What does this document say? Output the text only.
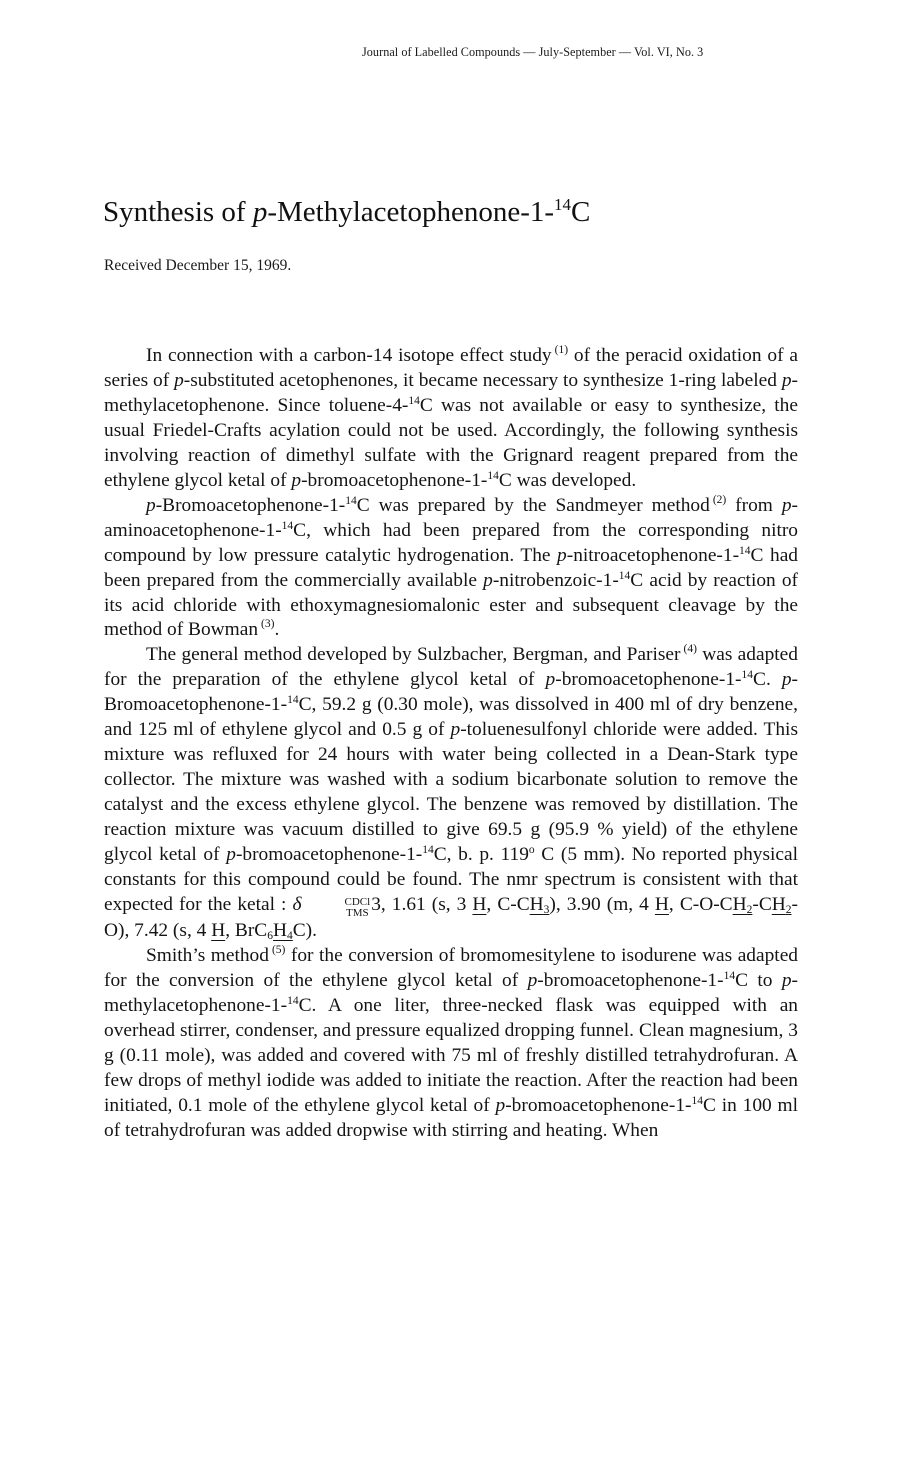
Journal of Labelled Compounds — July-September — Vol. VI, No. 3
Synthesis of p-Methylacetophenone-1-$^{14}$C
Received December 15, 1969.

In connection with a carbon-14 isotope effect study $^{(1)}$ of the peracid oxidation of a series of p-substituted acetophenones, it became necessary to synthesize 1-ring labeled p-methylacetophenone. Since toluene-4-$^{14}$C was not available or easy to synthesize, the usual Friedel-Crafts acylation could not be used. Accordingly, the following synthesis involving reaction of dimethyl sulfate with the Grignard reagent prepared from the ethylene glycol ketal of p-bromoacetophenone-1-$^{14}$C was developed.

p-Bromoacetophenone-1-$^{14}$C was prepared by the Sandmeyer method $^{(2)}$ from p-aminoacetophenone-1-$^{14}$C, which had been prepared from the corresponding nitro compound by low pressure catalytic hydrogenation. The p-nitroacetophenone-1-$^{14}$C had been prepared from the commercially available p-nitrobenzoic-1-$^{14}$C acid by reaction of its acid chloride with ethoxymagnesiomalonic ester and subsequent cleavage by the method of Bowman $^{(3)}$.

The general method developed by Sulzbacher, Bergman, and Pariser $^{(4)}$ was adapted for the preparation of the ethylene glycol ketal of p-bromoacetophenone-1-$^{14}$C. p-Bromoacetophenone-1-$^{14}$C, 59.2 g (0.30 mole), was dissolved in 400 ml of dry benzene, and 125 ml of ethylene glycol and 0.5 g of p-toluenesulfonyl chloride were added. This mixture was refluxed for 24 hours with water being collected in a Dean-Stark type collector. The mixture was washed with a sodium bicarbonate solution to remove the catalyst and the excess ethylene glycol. The benzene was removed by distillation. The reaction mixture was vacuum distilled to give 69.5 g (95.9 % yield) of the ethylene glycol ketal of p-bromoacetophenone-1-$^{14}$C, b. p. 119$^o$ C (5 mm). No reported physical constants for this compound could be found. The nmr spectrum is consistent with that expected for the ketal : δ	CDCl
TMS 3, 1.61 (s, 3 H, $C-CH_3$), 3.90 (m, 4 H, $C-O-CH_2-CH_2-O$), 7.42 (s, 4 H, $BrC_6H_4C$).

Smith’s method $^{(5)}$ for the conversion of bromomesitylene to isodurene was adapted for the conversion of the ethylene glycol ketal of p-bromoacetophenone-1-$^{14}$C to p-methylacetophenone-1-$^{14}$C. A one liter, three-necked flask was equipped with an overhead stirrer, condenser, and pressure equalized dropping funnel. Clean magnesium, 3 g (0.11 mole), was added and covered with 75 ml of freshly distilled tetrahydrofuran. A few drops of methyl iodide was added to initiate the reaction. After the reaction had been initiated, 0.1 mole of the ethylene glycol ketal of p-bromoacetophenone-1-$^{14}$C in 100 ml of tetrahydrofuran was added dropwise with stirring and heating. When
